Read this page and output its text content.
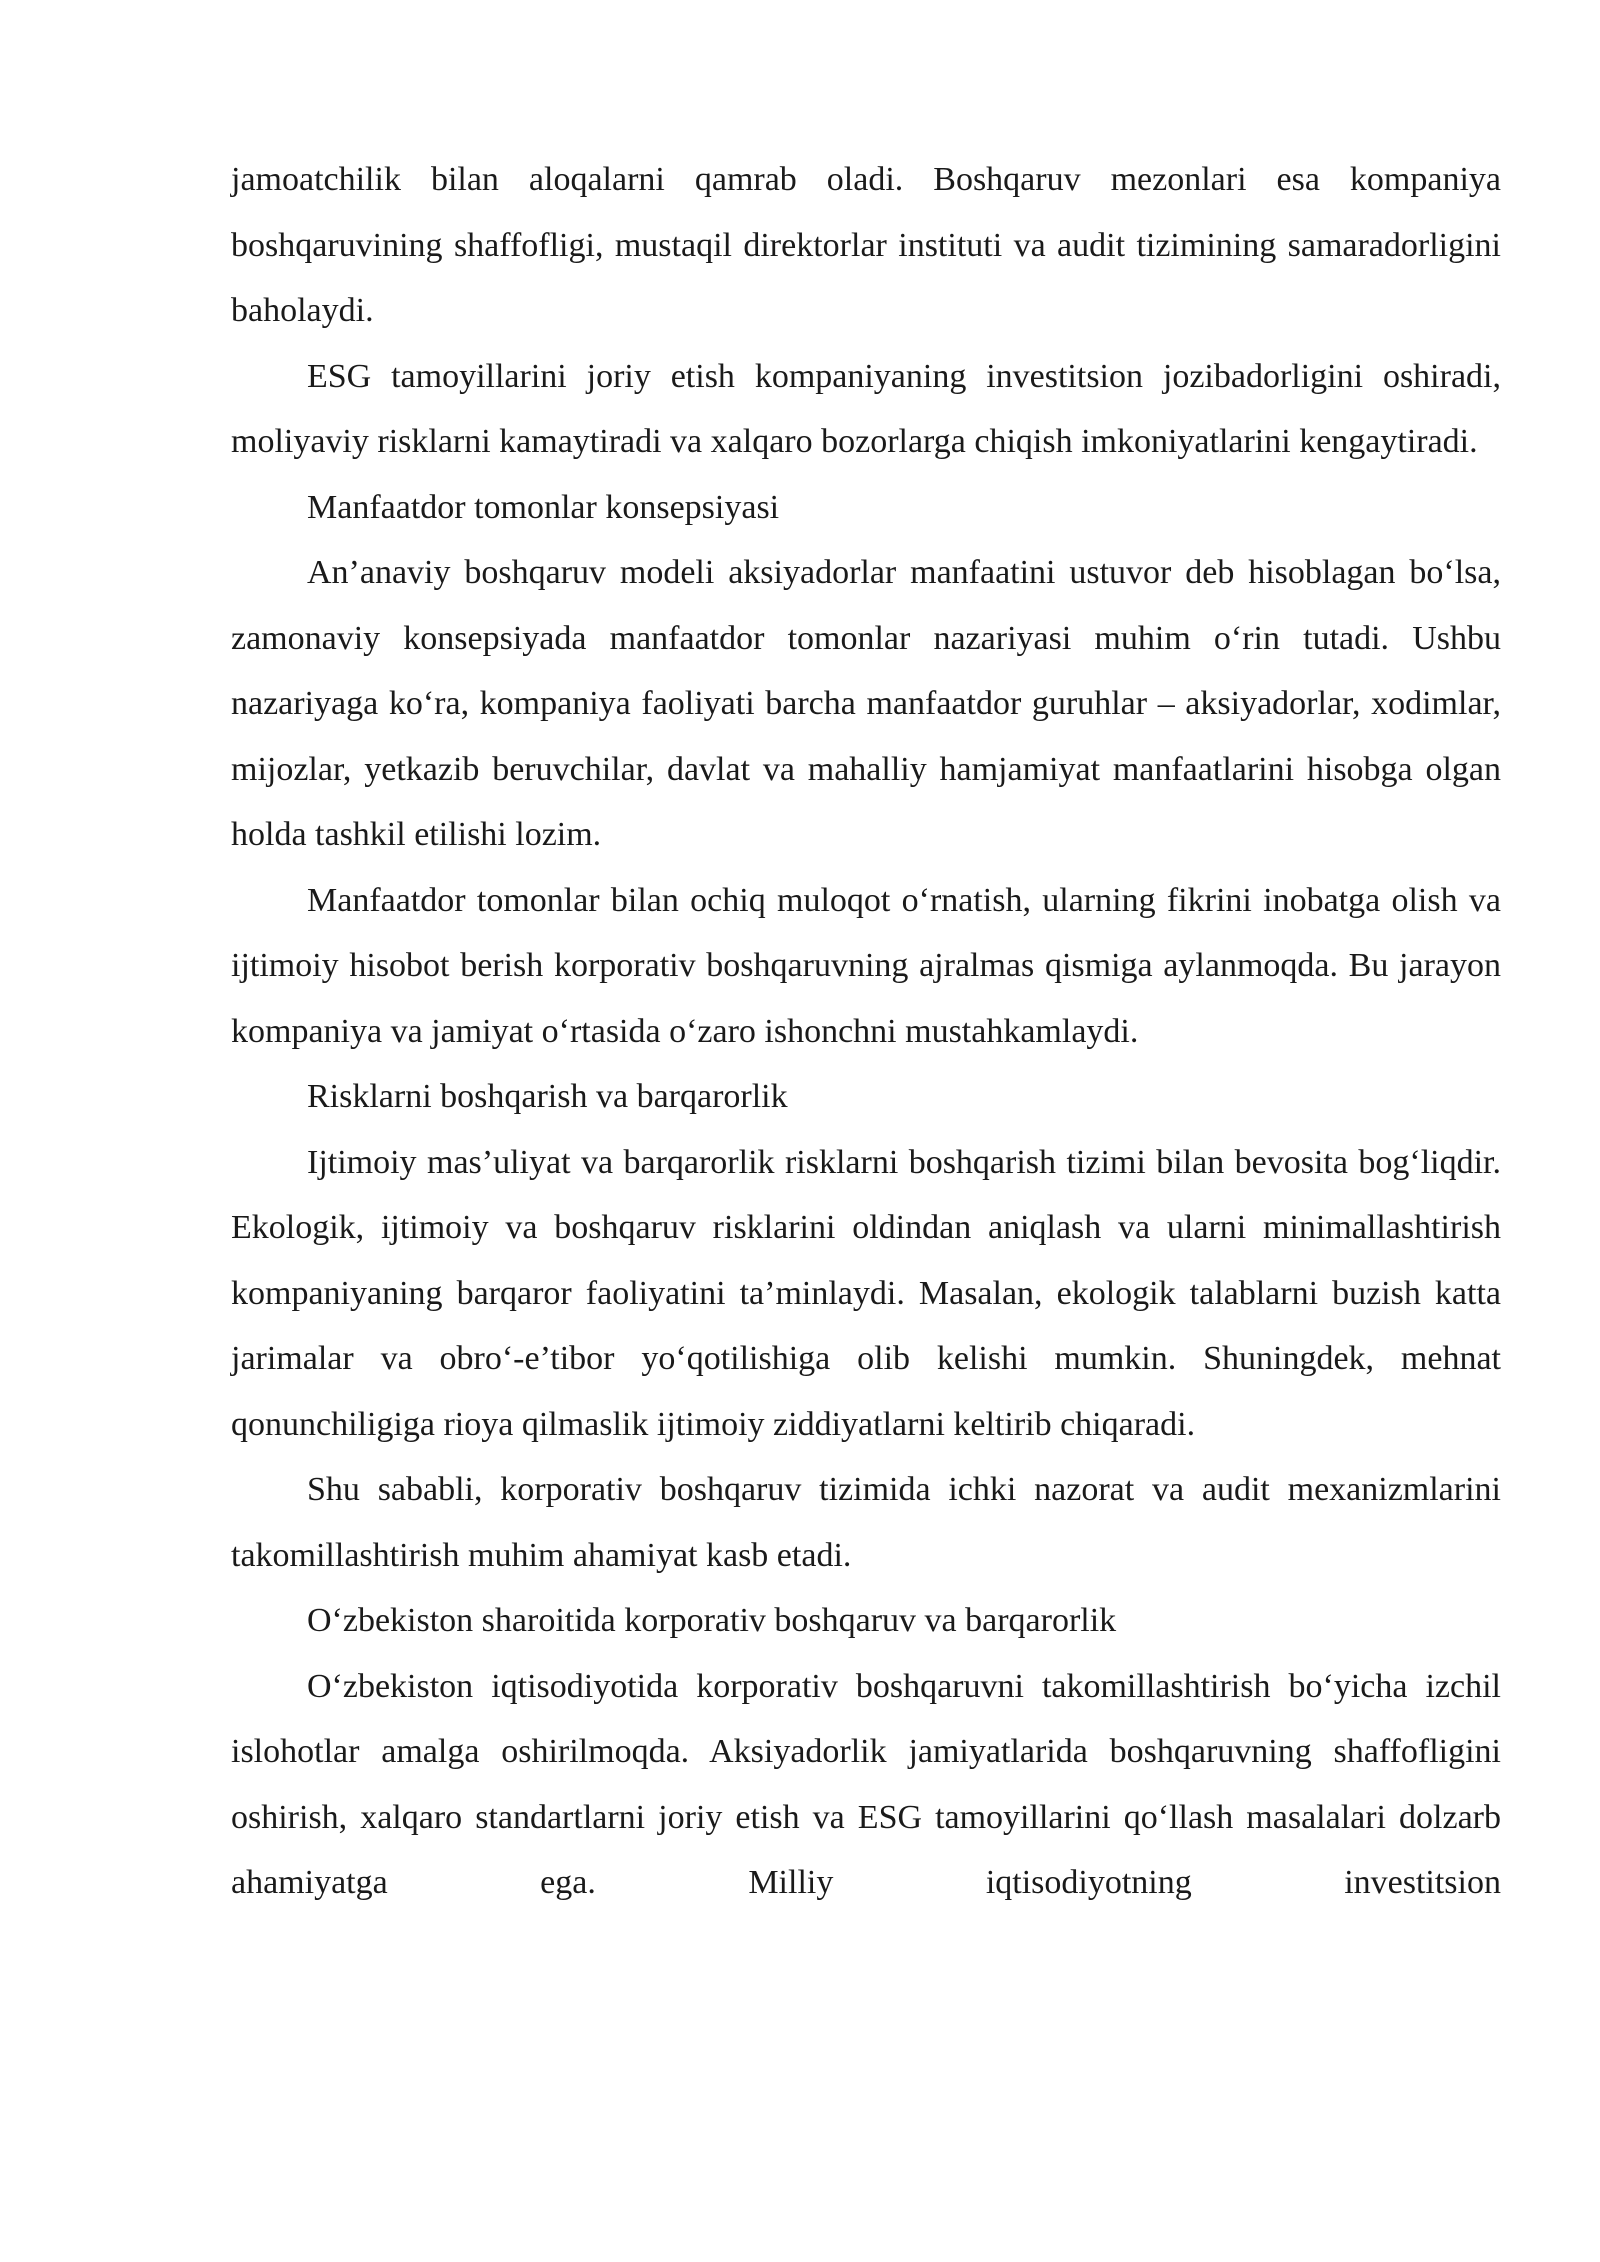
jamoatchilik bilan aloqalarni qamrab oladi. Boshqaruv mezonlari esa kompaniya boshqaruvining shaffofligi, mustaqil direktorlar instituti va audit tizimining samaradorligini baholaydi.

ESG tamoyillarini joriy etish kompaniyaning investitsion jozibadorligini oshiradi, moliyaviy risklarni kamaytiradi va xalqaro bozorlarga chiqish imkoniyatlarini kengaytiradi.

Manfaatdor tomonlar konsepsiyasi

An’anaviy boshqaruv modeli aksiyadorlar manfaatini ustuvor deb hisoblagan bo‘lsa, zamonaviy konsepsiyada manfaatdor tomonlar nazariyasi muhim o‘rin tutadi. Ushbu nazariyaga ko‘ra, kompaniya faoliyati barcha manfaatdor guruhlar – aksiyadorlar, xodimlar, mijozlar, yetkazib beruvchilar, davlat va mahalliy hamjamiyat manfaatlarini hisobga olgan holda tashkil etilishi lozim.

Manfaatdor tomonlar bilan ochiq muloqot o‘rnatish, ularning fikrini inobatga olish va ijtimoiy hisobot berish korporativ boshqaruvning ajralmas qismiga aylanmoqda. Bu jarayon kompaniya va jamiyat o‘rtasida o‘zaro ishonchni mustahkamlaydi.

Risklarni boshqarish va barqarorlik

Ijtimoiy mas’uliyat va barqarorlik risklarni boshqarish tizimi bilan bevosita bog‘liqdir. Ekologik, ijtimoiy va boshqaruv risklarini oldindan aniqlash va ularni minimallashtirish kompaniyaning barqaror faoliyatini ta’minlaydi. Masalan, ekologik talablarni buzish katta jarimalar va obro‘-e’tibor yo‘qotilishiga olib kelishi mumkin. Shuningdek, mehnat qonunchiligiga rioya qilmaslik ijtimoiy ziddiyatlarni keltirib chiqaradi.

Shu sababli, korporativ boshqaruv tizimida ichki nazorat va audit mexanizmlarini takomillashtirish muhim ahamiyat kasb etadi.

O‘zbekiston sharoitida korporativ boshqaruv va barqarorlik

O‘zbekiston iqtisodiyotida korporativ boshqaruvni takomillashtirish bo‘yicha izchil islohotlar amalga oshirilmoqda. Aksiyadorlik jamiyatlarida boshqaruvning shaffofligini oshirish, xalqaro standartlarni joriy etish va ESG tamoyillarini qo‘llash masalalari dolzarb ahamiyatga ega. Milliy iqtisodiyotning investitsion
